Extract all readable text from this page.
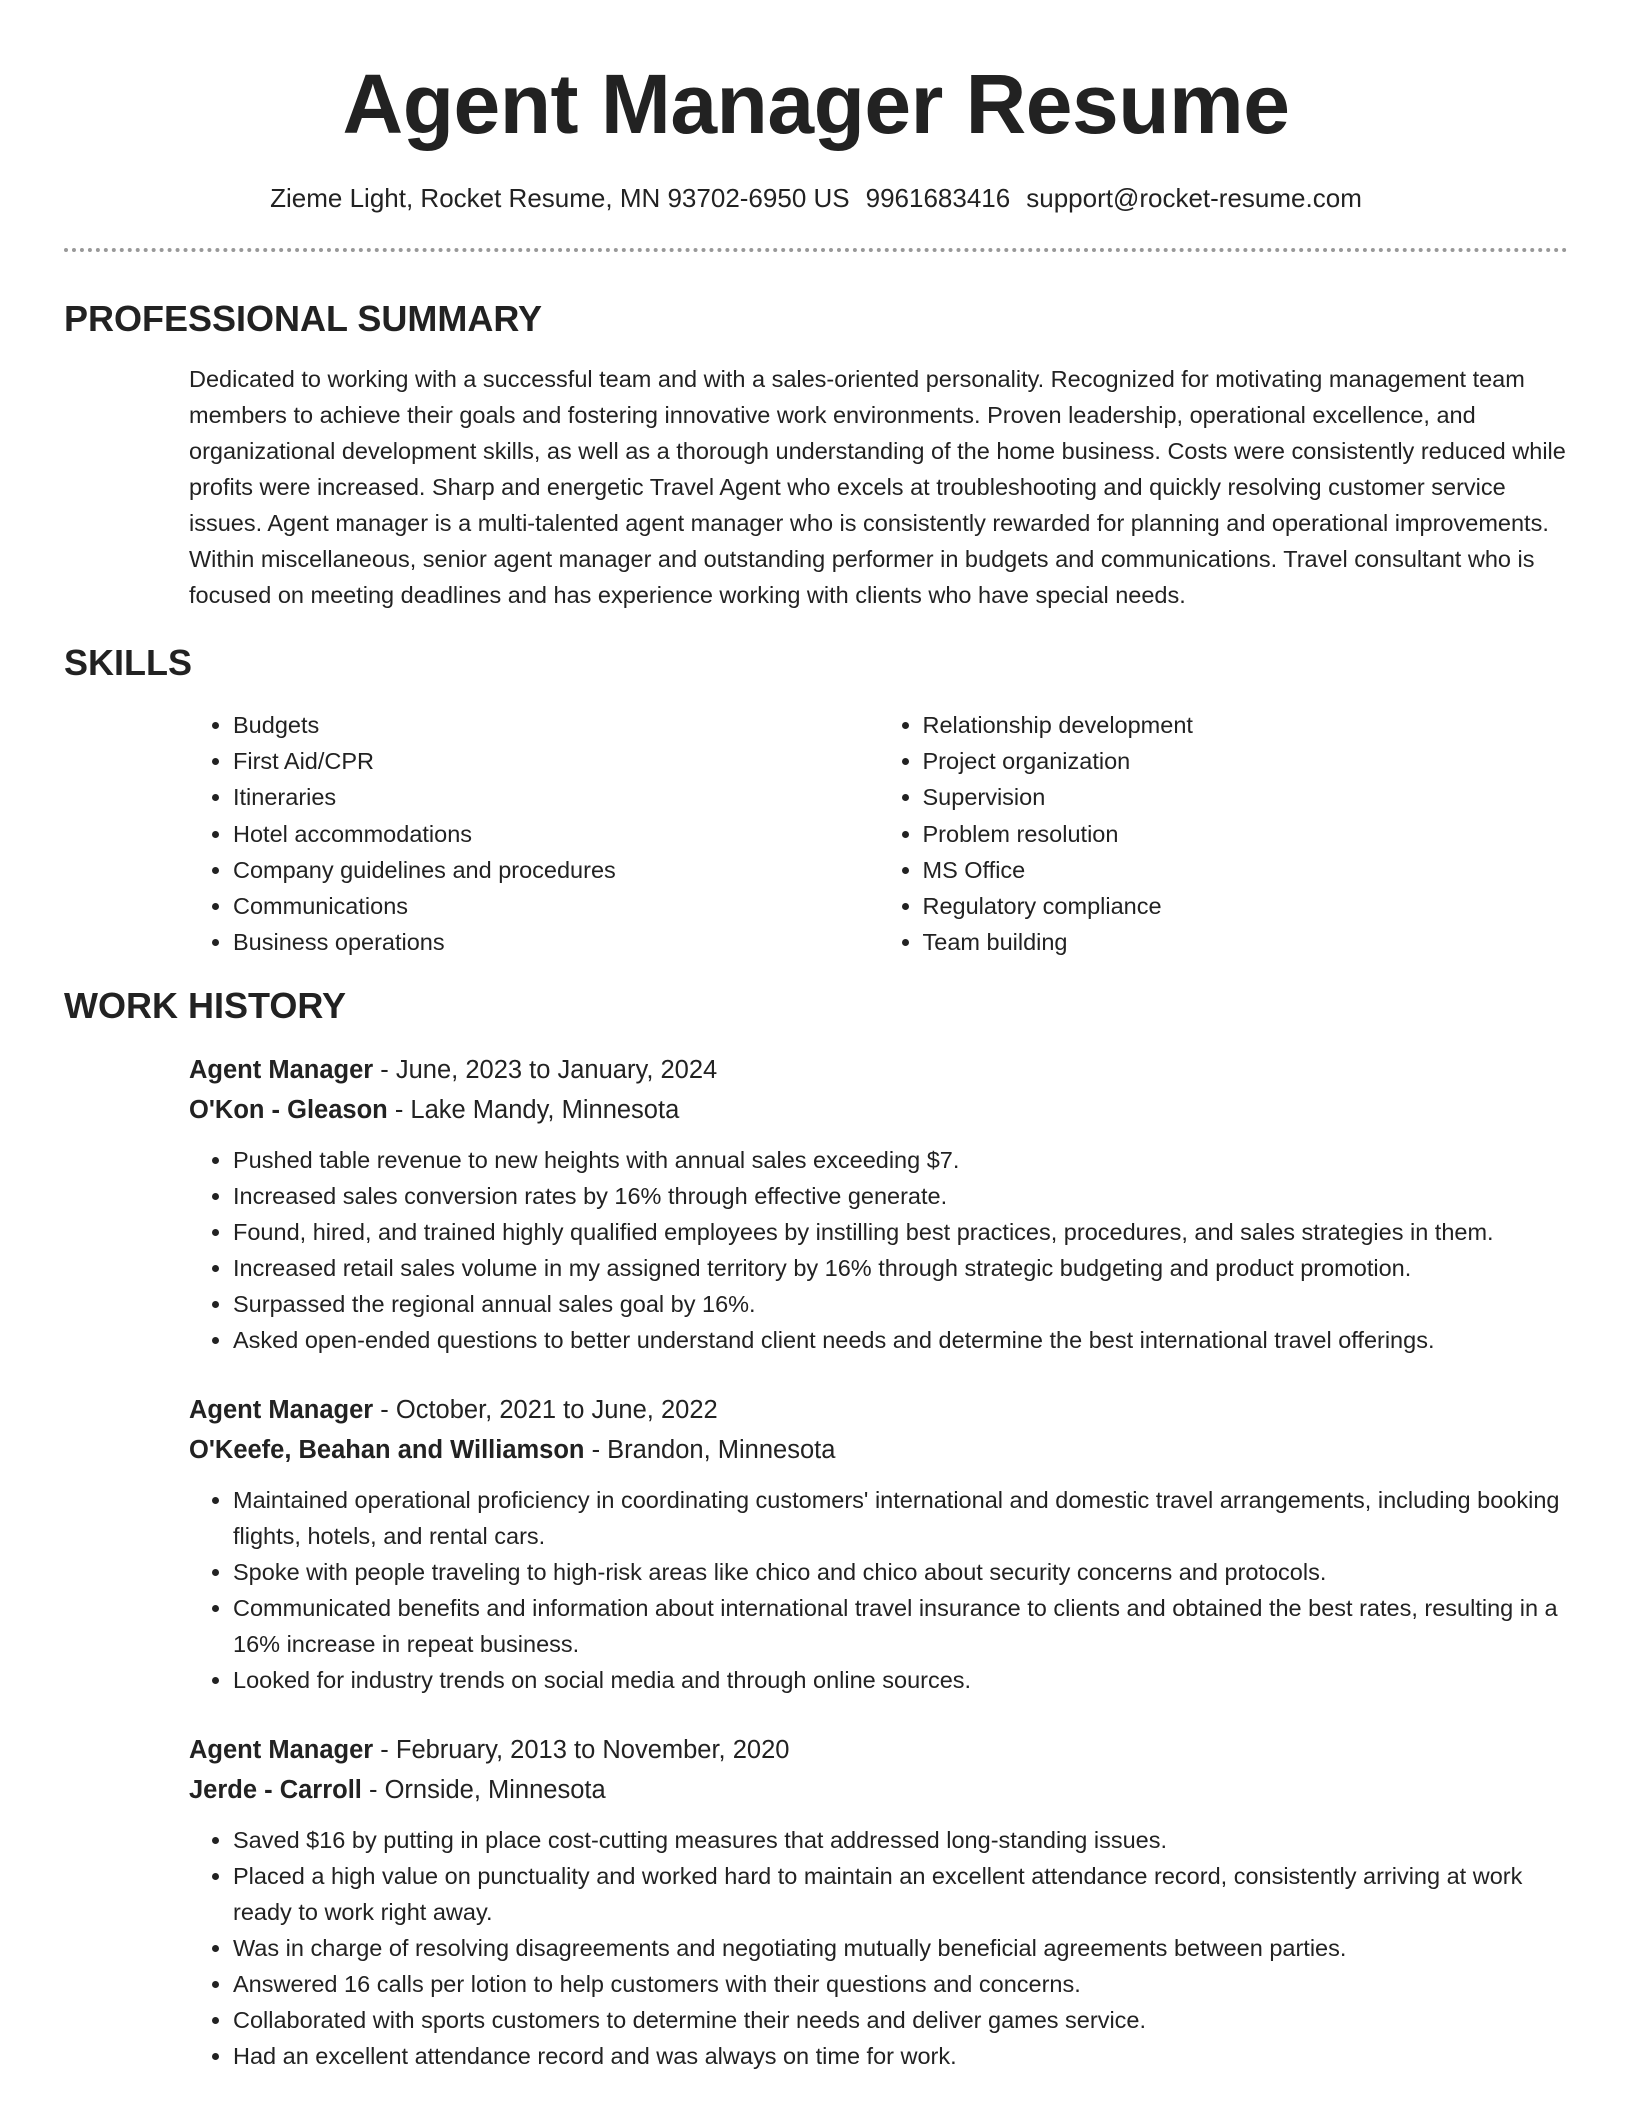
Agent Manager Resume
Zieme Light, Rocket Resume, MN 93702-6950 US 9961683416 support@rocket-resume.com
PROFESSIONAL SUMMARY

Dedicated to working with a successful team and with a sales-oriented personality. Recognized for motivating management team members to achieve their goals and fostering innovative work environments. Proven leadership, operational excellence, and organizational development skills, as well as a thorough understanding of the home business. Costs were consistently reduced while profits were increased. Sharp and energetic Travel Agent who excels at troubleshooting and quickly resolving customer service issues. Agent manager is a multi-talented agent manager who is consistently rewarded for planning and operational improvements. Within miscellaneous, senior agent manager and outstanding performer in budgets and communications. Travel consultant who is focused on meeting deadlines and has experience working with clients who have special needs.

SKILLS
• Budgets
• First Aid/CPR
• Itineraries
• Hotel accommodations
• Company guidelines and procedures
• Communications
• Business operations
• Relationship development
• Project organization
• Supervision
• Problem resolution
• MS Office
• Regulatory compliance
• Team building
WORK HISTORY
Agent Manager - June, 2023 to January, 2024
O'Kon - Gleason - Lake Mandy, Minnesota
• Pushed table revenue to new heights with annual sales exceeding $7.
• Increased sales conversion rates by 16% through effective generate.
• Found, hired, and trained highly qualified employees by instilling best practices, procedures, and sales strategies in them.
• Increased retail sales volume in my assigned territory by 16% through strategic budgeting and product promotion.
• Surpassed the regional annual sales goal by 16%.
• Asked open-ended questions to better understand client needs and determine the best international travel offerings.
Agent Manager - October, 2021 to June, 2022
O'Keefe, Beahan and Williamson - Brandon, Minnesota
• Maintained operational proficiency in coordinating customers' international and domestic travel arrangements, including booking flights, hotels, and rental cars.
• Spoke with people traveling to high-risk areas like chico and chico about security concerns and protocols.
• Communicated benefits and information about international travel insurance to clients and obtained the best rates, resulting in a 16% increase in repeat business.
• Looked for industry trends on social media and through online sources.
Agent Manager - February, 2013 to November, 2020
Jerde - Carroll - Ornside, Minnesota
• Saved $16 by putting in place cost-cutting measures that addressed long-standing issues.
• Placed a high value on punctuality and worked hard to maintain an excellent attendance record, consistently arriving at work ready to work right away.
• Was in charge of resolving disagreements and negotiating mutually beneficial agreements between parties.
• Answered 16 calls per lotion to help customers with their questions and concerns.
• Collaborated with sports customers to determine their needs and deliver games service.
• Had an excellent attendance record and was always on time for work.
